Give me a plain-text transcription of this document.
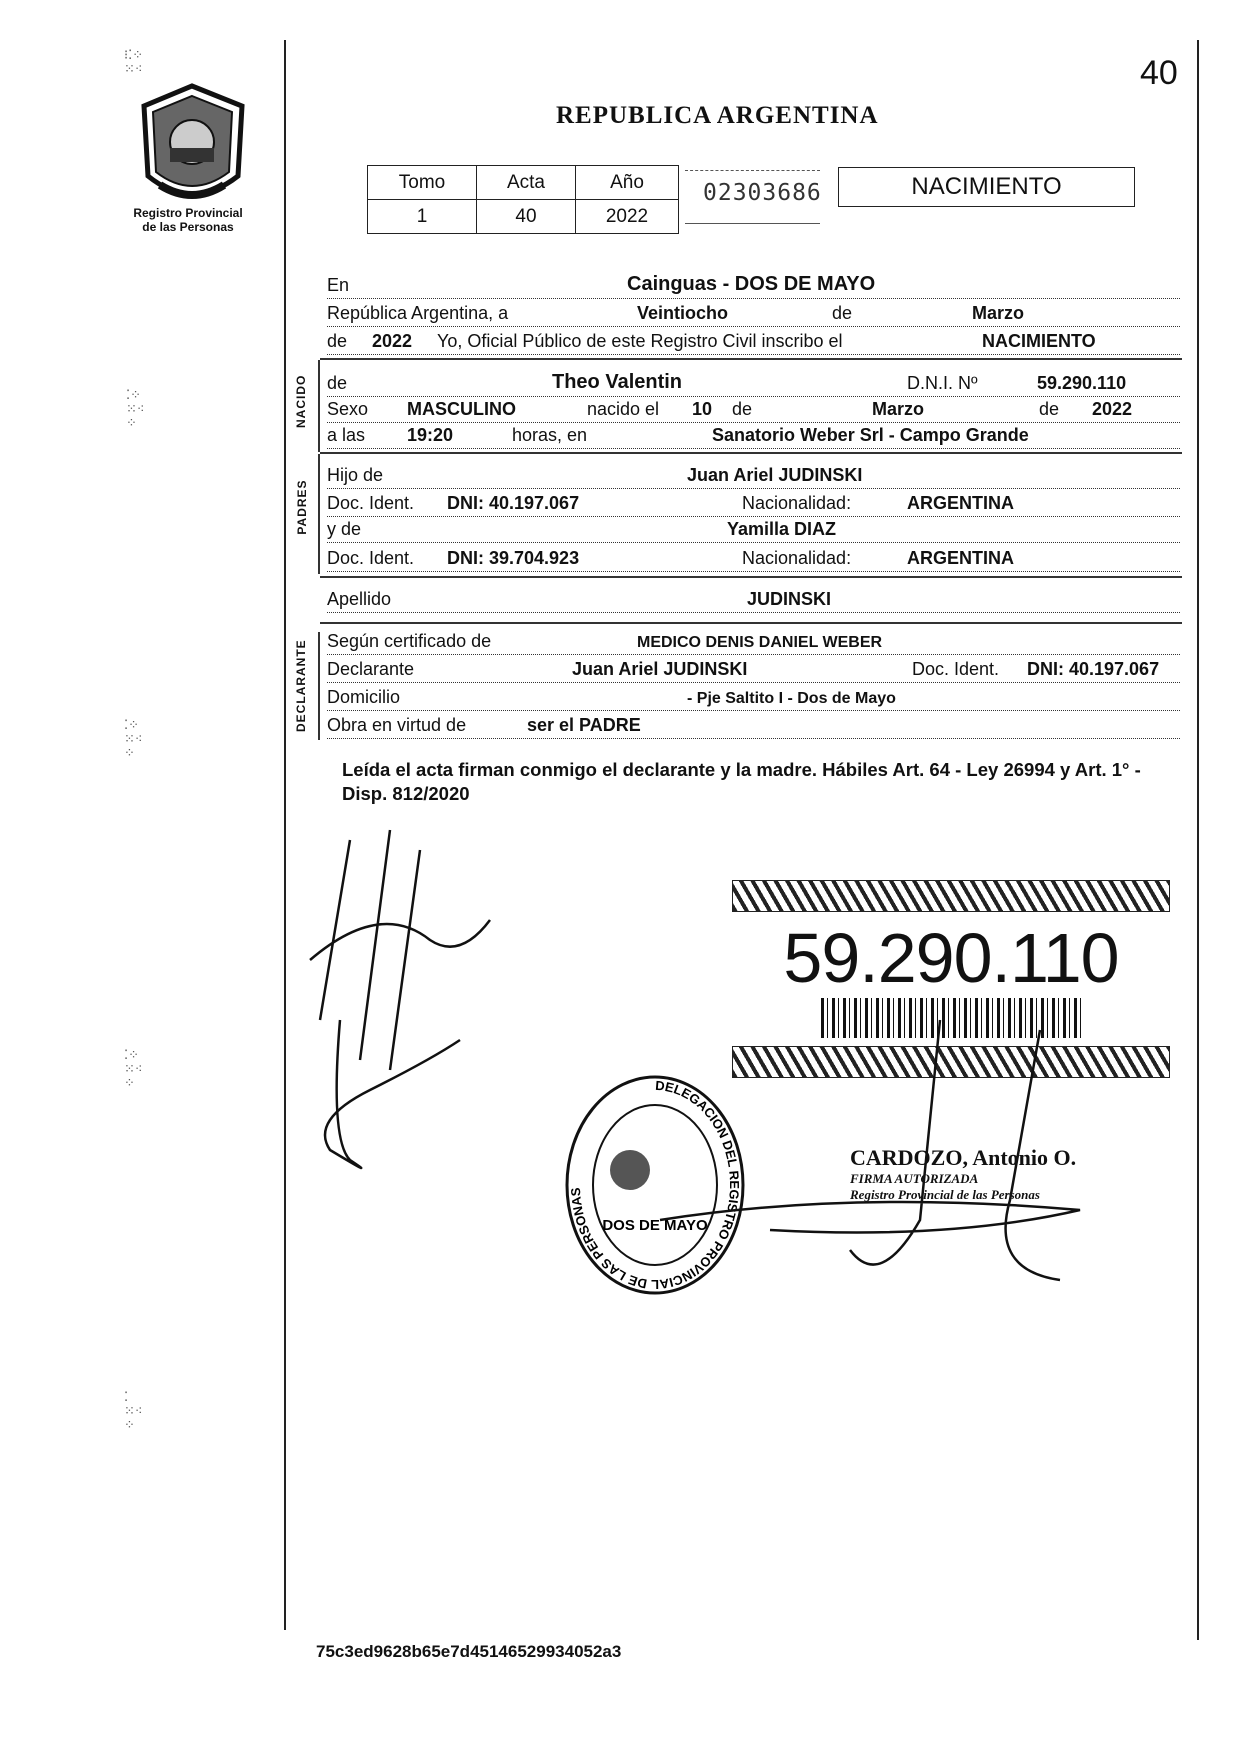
⁝⁚⁘
⁙⁖
⁚⁘
⁙⁖
⁘
⁚⁘
⁙⁖
⁘
⁚⁘
⁙⁖
⁘
⁚
⁙⁖
⁘
Registro Provincial
de las Personas
40
REPUBLICA ARGENTINA
Tomo	Acta	Año
1	40	2022
02303686	NACIMIENTO
En	Cainguas - DOS DE MAYO
República Argentina, a	Veintiocho	de	Marzo
de 2022 Yo, Oficial Público de este Registro Civil inscribo el	NACIMIENTO
NACIDO de	Theo Valentin	D.N.I. Nº	59.290.110
Sexo MASCULINO	nacido el 10 de	Marzo	de 2022
a las 19:20	horas, en	Sanatorio Weber Srl - Campo Grande
PADRES
Hijo de	Juan Ariel JUDINSKI
Doc. Ident. DNI: 40.197.067	Nacionalidad:	ARGENTINA
y de	Yamilla DIAZ
Doc. Ident. DNI: 39.704.923	Nacionalidad:	ARGENTINA
Apellido	JUDINSKI
DECLARANTE Según certificado de	MEDICO DENIS DANIEL WEBER
Declarante	Juan Ariel JUDINSKI	Doc. Ident. DNI: 40.197.067
Domicilio	- Pje Saltito I - Dos de Mayo
Obra en virtud de	ser el PADRE
Leída el acta firman conmigo el declarante y la madre. Hábiles Art. 64 - Ley 26994 y Art. 1° - Disp. 812/2020
59.290.110
DELEGACION DEL REGISTRO PROVINCIAL DE LAS PERSONAS
DOS DE MAYO
CARDOZO, Antonio O.
FIRMA AUTORIZADA
Registro Provincial de las Personas
75c3ed9628b65e7d45146529934052a3
